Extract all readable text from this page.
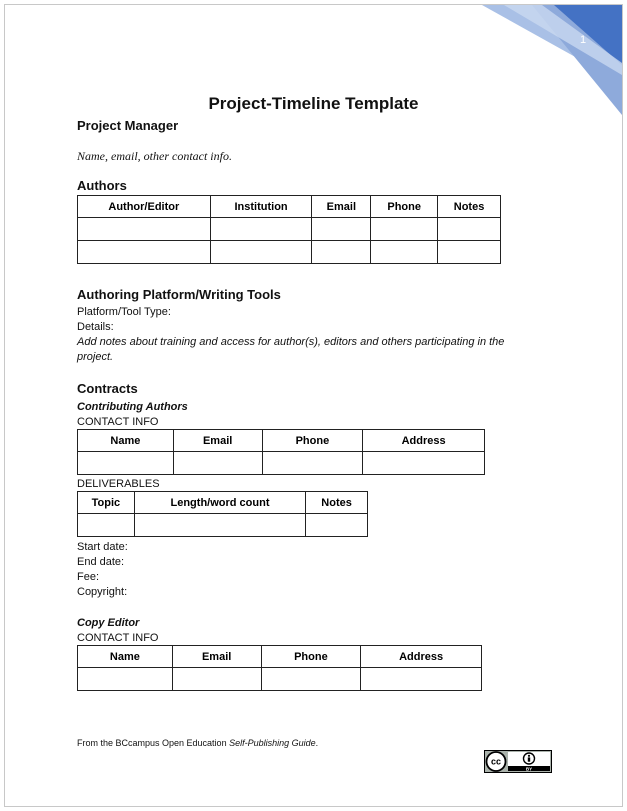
1
Project-Timeline Template
Project Manager
Name, email, other contact info.
Authors
Author/Editor	Institution	Email	Phone	Notes

Authoring Platform/Writing Tools
Platform/Tool Type:
Details:
Add notes about training and access for author(s), editors and others participating in the
project.
Contracts
Contributing Authors
CONTACT INFO
Name	Email	Phone	Address

DELIVERABLES
Topic	Length/word count	Notes

Start date:
End date:
Fee:
Copyright:
Copy Editor
CONTACT INFO
Name	Email	Phone	Address

From the BCcampus Open Education Self-Publishing Guide.
cc
BY
